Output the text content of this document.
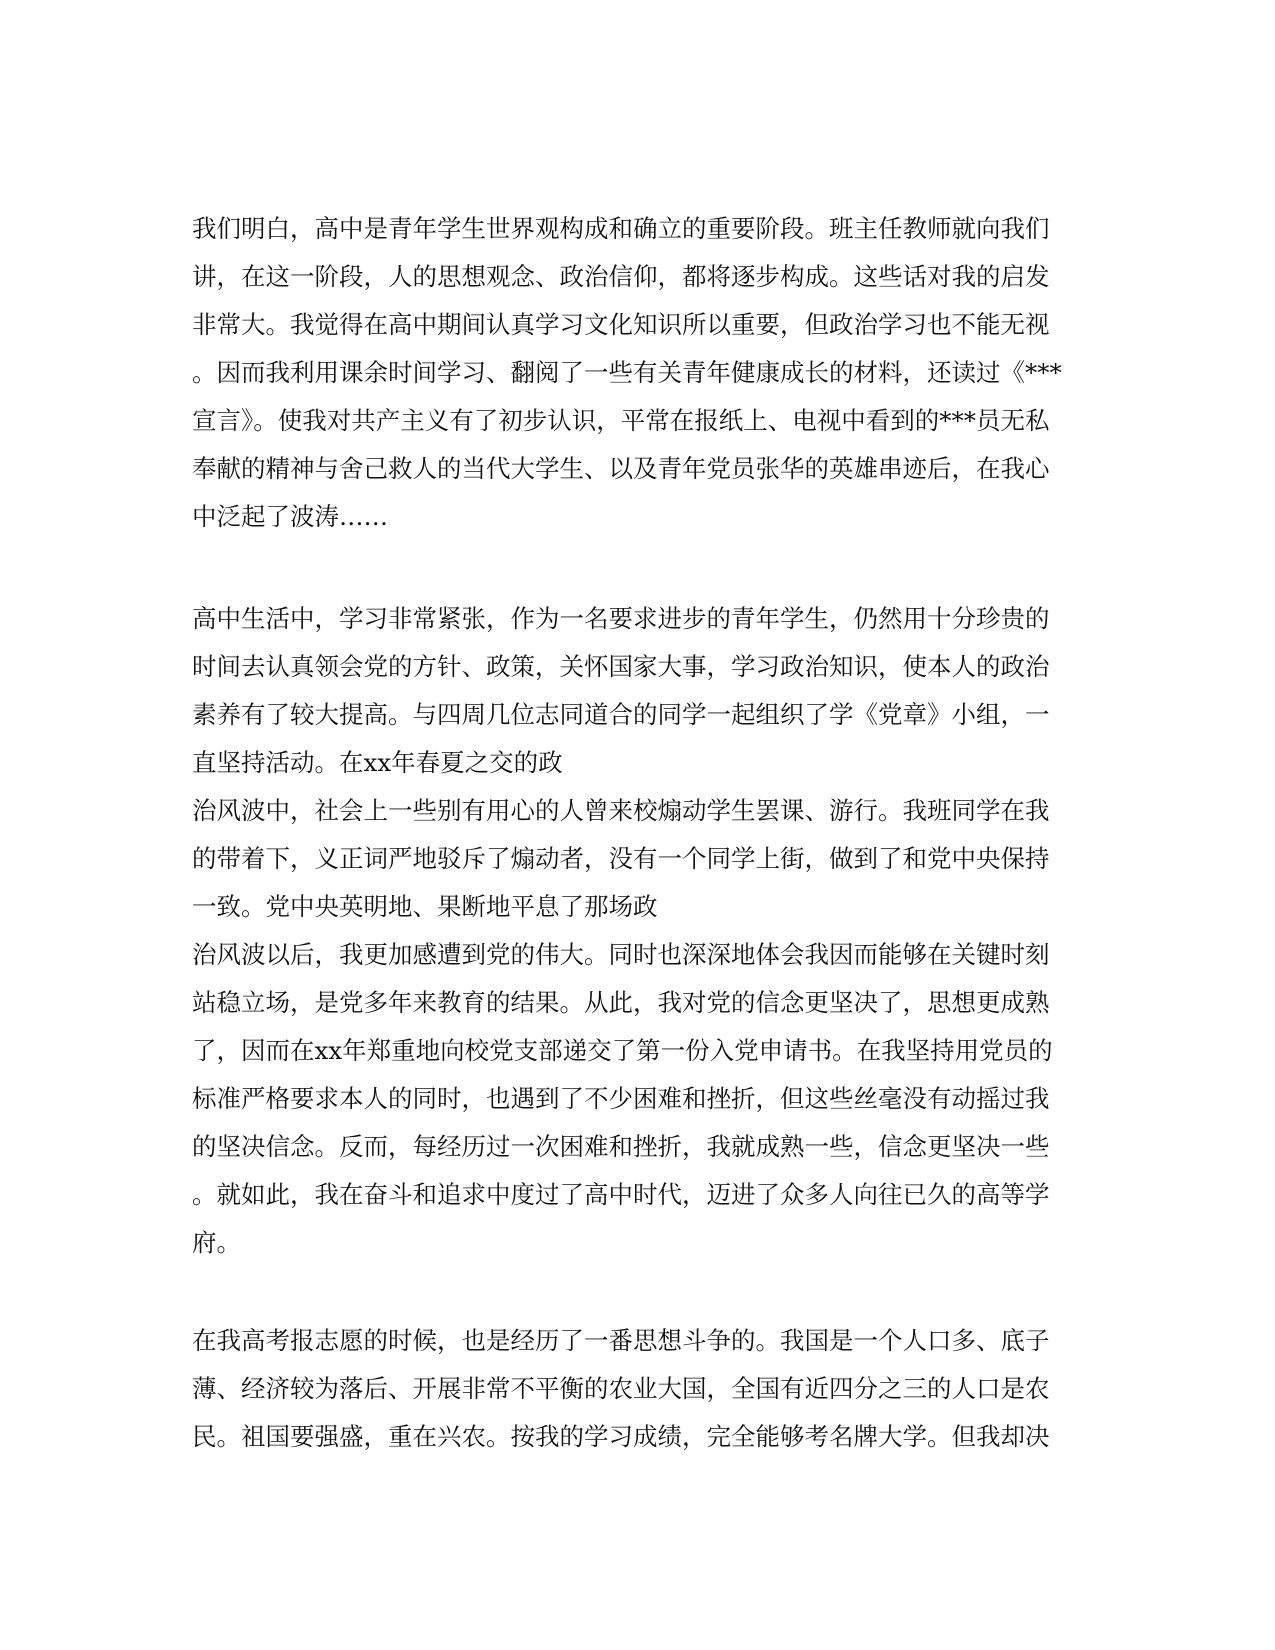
我们明白，高中是青年学生世界观构成和确立的重要阶段。班主任教师就向我们
讲，在这一阶段，人的思想观念、政治信仰，都将逐步构成。这些话对我的启发
非常大。我觉得在高中期间认真学习文化知识所以重要，但政治学习也不能无视
。因而我利用课余时间学习、翻阅了一些有关青年健康成长的材料，还读过《***
宣言》。使我对共产主义有了初步认识，平常在报纸上、电视中看到的***员无私
奉献的精神与舍己救人的当代大学生、以及青年党员张华的英雄串迹后，在我心
中泛起了波涛……
高中生活中，学习非常紧张，作为一名要求进步的青年学生，仍然用十分珍贵的
时间去认真领会党的方针、政策，关怀国家大事，学习政治知识，使本人的政治
素养有了较大提高。与四周几位志同道合的同学一起组织了学《党章》小组，一
直坚持活动。在xx年春夏之交的政
治风波中，社会上一些别有用心的人曾来校煽动学生罢课、游行。我班同学在我
的带着下，义正词严地驳斥了煽动者，没有一个同学上街，做到了和党中央保持
一致。党中央英明地、果断地平息了那场政
治风波以后，我更加感遭到党的伟大。同时也深深地体会我因而能够在关键时刻
站稳立场，是党多年来教育的结果。从此，我对党的信念更坚决了，思想更成熟
了，因而在xx年郑重地向校党支部递交了第一份入党申请书。在我坚持用党员的
标准严格要求本人的同时，也遇到了不少困难和挫折，但这些丝毫没有动摇过我
的坚决信念。反而，每经历过一次困难和挫折，我就成熟一些，信念更坚决一些
。就如此，我在奋斗和追求中度过了高中时代，迈进了众多人向往已久的高等学
府。
在我高考报志愿的时候，也是经历了一番思想斗争的。我国是一个人口多、底子
薄、经济较为落后、开展非常不平衡的农业大国，全国有近四分之三的人口是农
民。祖国要强盛，重在兴农。按我的学习成绩，完全能够考名牌大学。但我却决
